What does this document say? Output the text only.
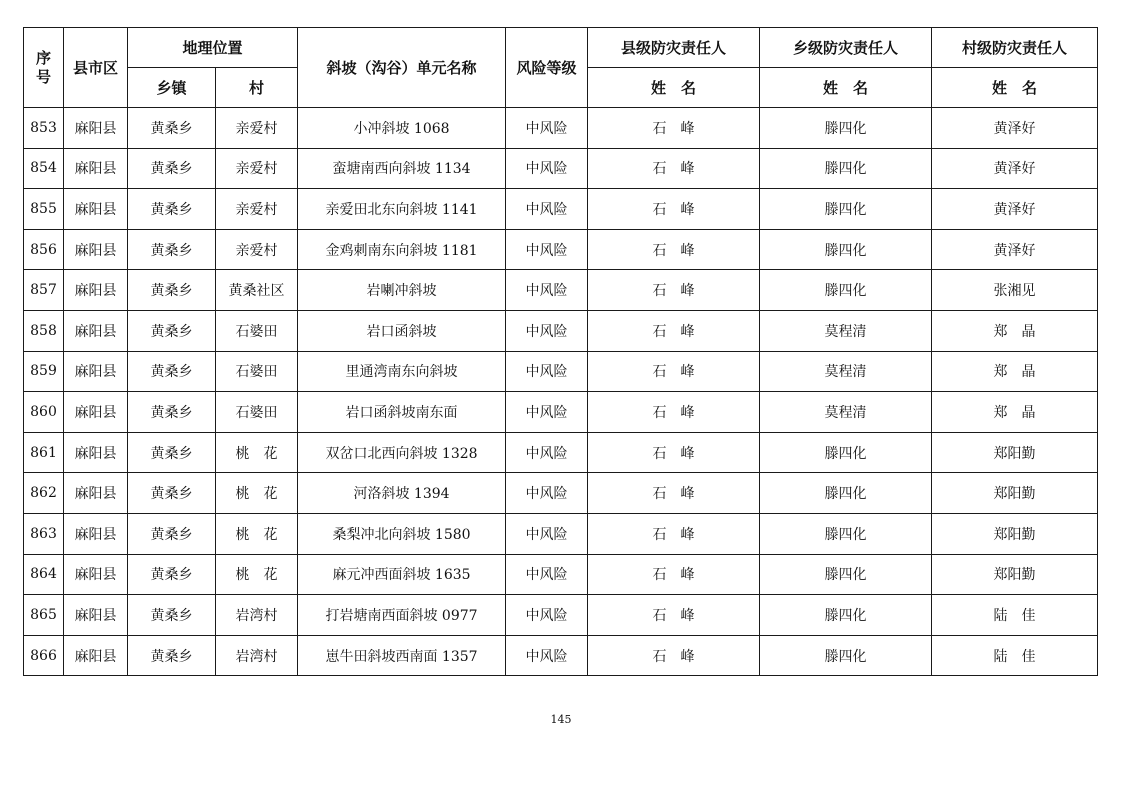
序
号	县市区	地理位置		斜坡（沟谷）单元名称	风险等级	县级防灾责任人	乡级防灾责任人	村级防灾责任人
		乡镇	村			姓　名	姓　名	姓　名
853	麻阳县	黄桑乡	亲爱村	小冲斜坡 1068	中风险	石　峰	滕四化	黄泽好
854	麻阳县	黄桑乡	亲爱村	蛮塘南西向斜坡 1134	中风险	石　峰	滕四化	黄泽好
855	麻阳县	黄桑乡	亲爱村	亲爱田北东向斜坡 1141	中风险	石　峰	滕四化	黄泽好
856	麻阳县	黄桑乡	亲爱村	金鸡刺南东向斜坡 1181	中风险	石　峰	滕四化	黄泽好
857	麻阳县	黄桑乡	黄桑社区	岩喇冲斜坡	中风险	石　峰	滕四化	张湘见
858	麻阳县	黄桑乡	石婆田	岩口函斜坡	中风险	石　峰	莫程清	郑　晶
859	麻阳县	黄桑乡	石婆田	里通湾南东向斜坡	中风险	石　峰	莫程清	郑　晶
860	麻阳县	黄桑乡	石婆田	岩口函斜坡南东面	中风险	石　峰	莫程清	郑　晶
861	麻阳县	黄桑乡	桃　花	双岔口北西向斜坡 1328	中风险	石　峰	滕四化	郑阳勤
862	麻阳县	黄桑乡	桃　花	河洛斜坡 1394	中风险	石　峰	滕四化	郑阳勤
863	麻阳县	黄桑乡	桃　花	桑梨冲北向斜坡 1580	中风险	石　峰	滕四化	郑阳勤
864	麻阳县	黄桑乡	桃　花	麻元冲西面斜坡 1635	中风险	石　峰	滕四化	郑阳勤
865	麻阳县	黄桑乡	岩湾村	打岩塘南西面斜坡 0977	中风险	石　峰	滕四化	陆　佳
866	麻阳县	黄桑乡	岩湾村	崽牛田斜坡西南面 1357	中风险	石　峰	滕四化	陆　佳
145
